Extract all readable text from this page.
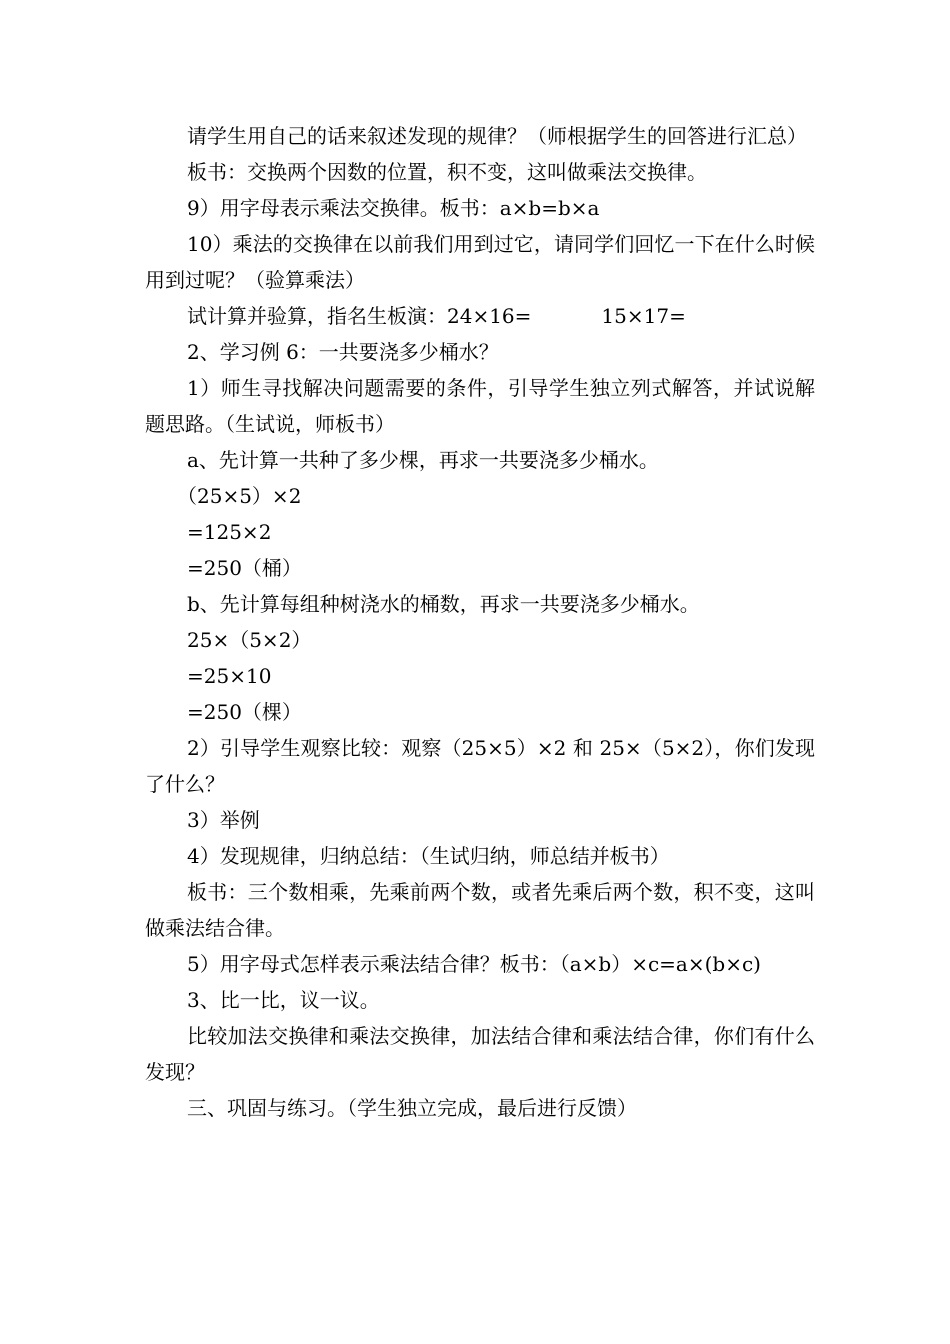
请学生用自己的话来叙述发现的规律？（师根据学生的回答进行汇总）

板书：交换两个因数的位置，积不变，这叫做乘法交换律。

9）用字母表示乘法交换律。板书：a×b=b×a

10）乘法的交换律在以前我们用到过它，请同学们回忆一下在什么时候用到过呢？（验算乘法）

试计算并验算，指名生板演：24×16=	15×17=

2、学习例 6：一共要浇多少桶水？

1）师生寻找解决问题需要的条件，引导学生独立列式解答，并试说解题思路。（生试说，师板书）

a、先计算一共种了多少棵，再求一共要浇多少桶水。

（25×5）×2

=125×2

=250（桶）

b、先计算每组种树浇水的桶数，再求一共要浇多少桶水。

25×（5×2）

=25×10

=250（棵）

2）引导学生观察比较：观察（25×5）×2 和 25×（5×2），你们发现了什么？

3）举例

4）发现规律，归纳总结：（生试归纳，师总结并板书）

板书：三个数相乘，先乘前两个数，或者先乘后两个数，积不变，这叫做乘法结合律。

5）用字母式怎样表示乘法结合律？板书：（a×b）×c=a×(b×c)

3、比一比，议一议。

比较加法交换律和乘法交换律，加法结合律和乘法结合律，你们有什么发现？

三、巩固与练习。（学生独立完成，最后进行反馈）
